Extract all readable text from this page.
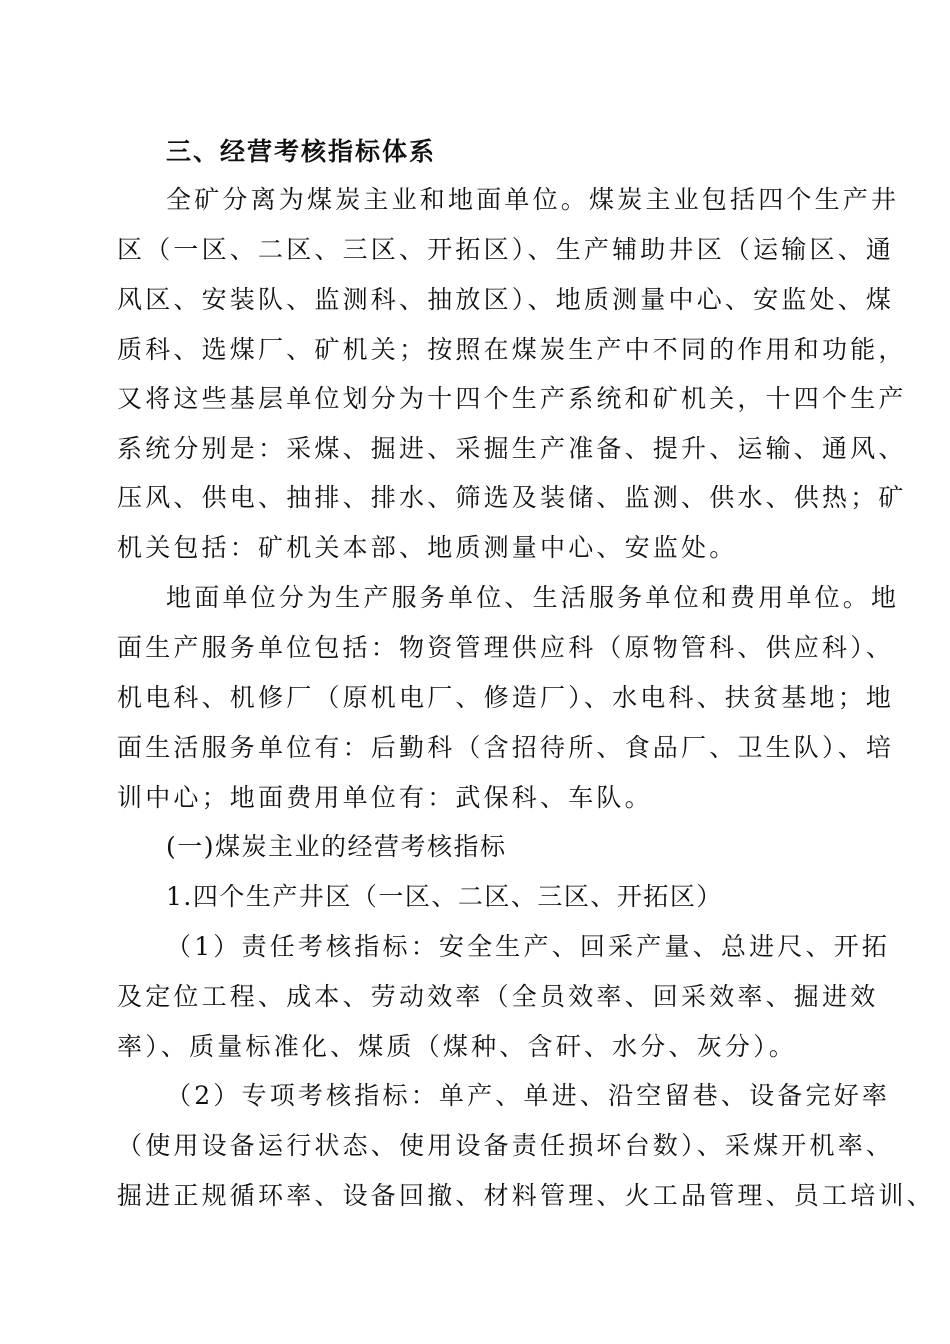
三、经营考核指标体系
全矿分离为煤炭主业和地面单位。煤炭主业包括四个生产井
区（一区、二区、三区、开拓区）、生产辅助井区（运输区、通
风区、安装队、监测科、抽放区）、地质测量中心、安监处、煤
质科、选煤厂、矿机关；按照在煤炭生产中不同的作用和功能，
又将这些基层单位划分为十四个生产系统和矿机关，十四个生产
系统分别是：采煤、掘进、采掘生产准备、提升、运输、通风、
压风、供电、抽排、排水、筛选及装储、监测、供水、供热；矿
机关包括：矿机关本部、地质测量中心、安监处。
地面单位分为生产服务单位、生活服务单位和费用单位。地
面生产服务单位包括：物资管理供应科（原物管科、供应科）、
机电科、机修厂（原机电厂、修造厂）、水电科、扶贫基地；地
面生活服务单位有：后勤科（含招待所、食品厂、卫生队）、培
训中心；地面费用单位有：武保科、车队。
(一)煤炭主业的经营考核指标
1.四个生产井区（一区、二区、三区、开拓区）
（1）责任考核指标：安全生产、回采产量、总进尺、开拓
及定位工程、成本、劳动效率（全员效率、回采效率、掘进效
率）、质量标准化、煤质（煤种、含矸、水分、灰分）。
（2）专项考核指标：单产、单进、沿空留巷、设备完好率
（使用设备运行状态、使用设备责任损坏台数）、采煤开机率、
掘进正规循环率、设备回撤、材料管理、火工品管理、员工培训、
